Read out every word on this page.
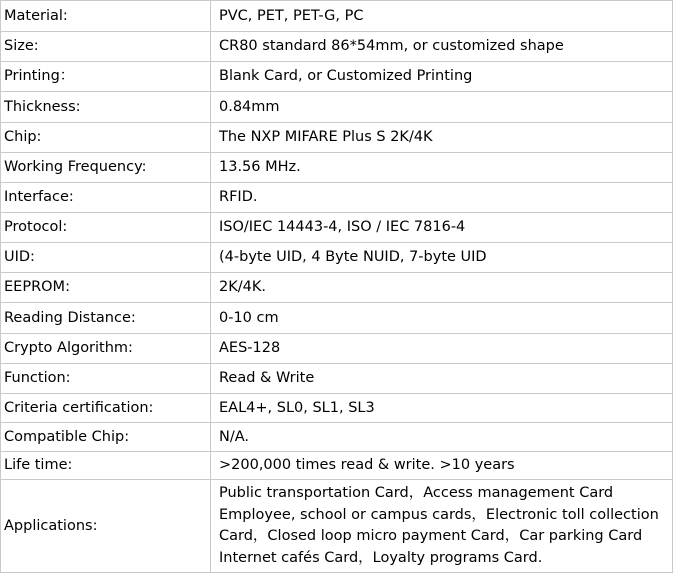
Material:	PVC, PET, PET-G, PC
Size:	CR80 standard 86*54mm, or customized shape
Printing：	Blank Card, or Customized Printing
Thickness:	0.84mm
Chip:	The NXP MIFARE Plus S 2K/4K
Working Frequency:	13.56 MHz.
Interface:	RFID.
Protocol:	ISO/IEC 14443-4, ISO / IEC 7816-4
UID:	(4-byte UID, 4 Byte NUID, 7-byte UID
EEPROM:	2K/4K.
Reading Distance:	0-10 cm
Crypto Algorithm:	AES-128
Function:	Read & Write
Criteria certification:	EAL4+, SL0, SL1, SL3
Compatible Chip:	N/A.
Life time:	>200,000 times read & write. >10 years
Applications:	Public transportation Card，Access management Card
Employee, school or campus cards，Electronic toll collection
Card，Closed loop micro payment Card，Car parking Card
Internet cafés Card，Loyalty programs Card.
